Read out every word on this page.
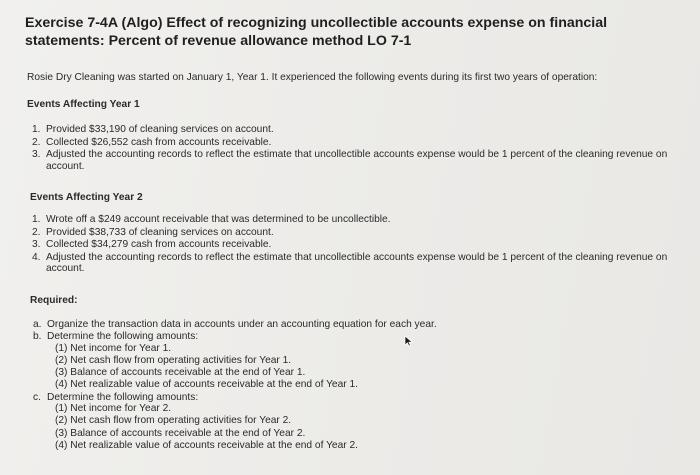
Exercise 7-4A (Algo) Effect of recognizing uncollectible accounts expense on financial statements: Percent of revenue allowance method LO 7-1
Rosie Dry Cleaning was started on January 1, Year 1. It experienced the following events during its first two years of operation:
Events Affecting Year 1
1. Provided $33,190 of cleaning services on account.
2. Collected $26,552 cash from accounts receivable.
3. Adjusted the accounting records to reflect the estimate that uncollectible accounts expense would be 1 percent of the cleaning revenue on account.
Events Affecting Year 2
1. Wrote off a $249 account receivable that was determined to be uncollectible.
2. Provided $38,733 of cleaning services on account.
3. Collected $34,279 cash from accounts receivable.
4. Adjusted the accounting records to reflect the estimate that uncollectible accounts expense would be 1 percent of the cleaning revenue on account.
Required:
a. Organize the transaction data in accounts under an accounting equation for each year.
b. Determine the following amounts:
(1) Net income for Year 1.
(2) Net cash flow from operating activities for Year 1.
(3) Balance of accounts receivable at the end of Year 1.
(4) Net realizable value of accounts receivable at the end of Year 1.
c. Determine the following amounts:
(1) Net income for Year 2.
(2) Net cash flow from operating activities for Year 2.
(3) Balance of accounts receivable at the end of Year 2.
(4) Net realizable value of accounts receivable at the end of Year 2.
